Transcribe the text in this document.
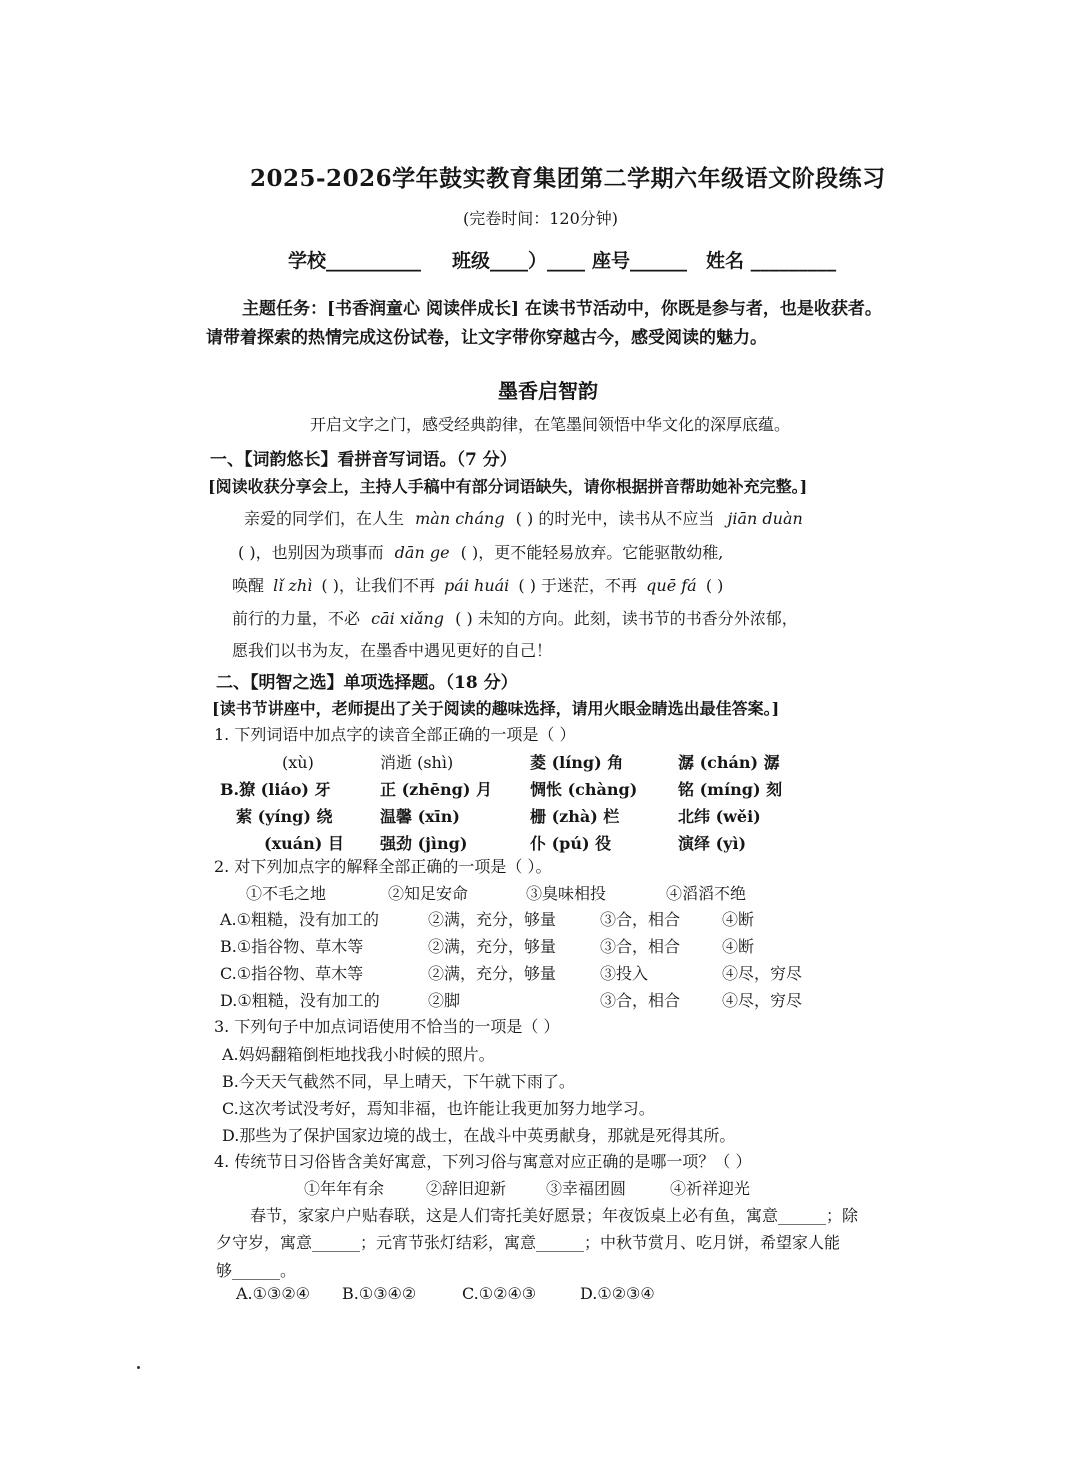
2025-2026学年鼓实教育集团第二学期六年级语文阶段练习
(完卷时间：120分钟)
学校__________ 班级____）____ 座号______ 姓名 _________
主题任务：[书香润童心 阅读伴成长] 在读书节活动中，你既是参与者，也是收获者。
请带着探索的热情完成这份试卷，让文字带你穿越古今，感受阅读的魅力。
墨香启智韵
开启文字之门，感受经典韵律，在笔墨间领悟中华文化的深厚底蕴。
一、【词韵悠长】看拼音写词语。（7 分）
[阅读收获分享会上，主持人手稿中有部分词语缺失，请你根据拼音帮助她补充完整。]
亲爱的同学们，在人生 màn cháng ( ) 的时光中，读书从不应当 jiān duàn
( )，也别因为琐事而 dān ge ( )，更不能轻易放弃。它能驱散幼稚,
唤醒 lǐ zhì ( )，让我们不再 pái huái ( ) 于迷茫，不再 quē fá ( )
前行的力量，不必 cāi xiǎng ( ) 未知的方向。此刻，读书节的书香分外浓郁，
愿我们以书为友，在墨香中遇见更好的自己！
二、【明智之选】单项选择题。（18 分）
[读书节讲座中，老师提出了关于阅读的趣味选择，请用火眼金睛选出最佳答案。]
1. 下列词语中加点字的读音全部正确的一项是（ ）
(xù)	消逝 (shì)	菱 (líng) 角	潺 (chán) 潺
B.獠 (liáo) 牙	正 (zhēng) 月	惆怅 (chàng)	铭 (míng) 刻
萦 (yíng) 绕	温馨 (xīn)	栅 (zhà) 栏	北纬 (wěi)
(xuán) 目	强劲 (jìng)	仆 (pú) 役	演绎 (yì)
2. 对下列加点字的解释全部正确的一项是（ ）。
①不毛之地	②知足安命	③臭味相投	④滔滔不绝
A.①粗糙，没有加工的	②满，充分，够量	③合，相合	④断
B.①指谷物、草木等	②满，充分，够量	③合，相合	④断
C.①指谷物、草木等	②满，充分，够量	③投入	④尽，穷尽
D.①粗糙，没有加工的	②脚	③合，相合	④尽，穷尽
3. 下列句子中加点词语使用不恰当的一项是（ ）
A.妈妈翻箱倒柜地找我小时候的照片。
B.今天天气截然不同，早上晴天，下午就下雨了。
C.这次考试没考好，焉知非福，也许能让我更加努力地学习。
D.那些为了保护国家边境的战士，在战斗中英勇献身，那就是死得其所。
4. 传统节日习俗皆含美好寓意，下列习俗与寓意对应正确的是哪一项？（ ）
①年年有余	②辞旧迎新	③幸福团圆	④祈祥迎光
春节，家家户户贴春联，这是人们寄托美好愿景；年夜饭桌上必有鱼，寓意______；除
夕守岁，寓意______；元宵节张灯结彩，寓意______；中秋节赏月、吃月饼，希望家人能
够______。
A.①③②④	B.①③④②	C.①②④③	D.①②③④
